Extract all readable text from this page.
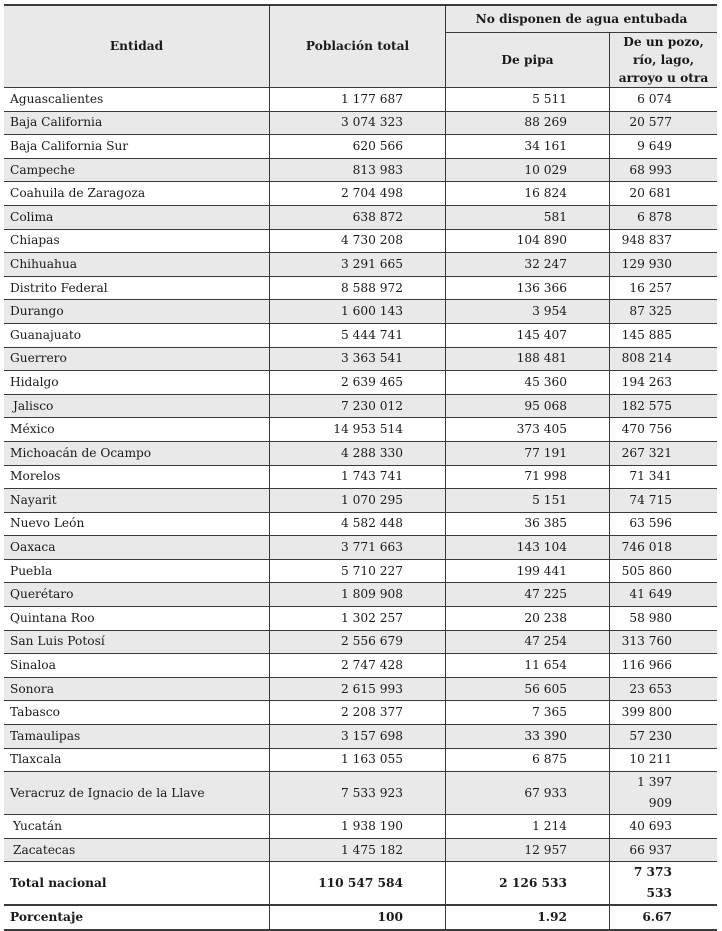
Entidad	Población total	No disponen de agua entubada	
		De pipa	De un pozo, río, lago, arroyo u otra
Aguascalientes	1 177 687	5 511	6 074
Baja California	3 074 323	88 269	20 577
Baja California Sur	620 566	34 161	9 649
Campeche	813 983	10 029	68 993
Coahuila de Zaragoza	2 704 498	16 824	20 681
Colima	638 872	581	6 878
Chiapas	4 730 208	104 890	948 837
Chihuahua	3 291 665	32 247	129 930
Distrito Federal	8 588 972	136 366	16 257
Durango	1 600 143	3 954	87 325
Guanajuato	5 444 741	145 407	145 885
Guerrero	3 363 541	188 481	808 214
Hidalgo	2 639 465	45 360	194 263
Jalisco	7 230 012	95 068	182 575
México	14 953 514	373 405	470 756
Michoacán de Ocampo	4 288 330	77 191	267 321
Morelos	1 743 741	71 998	71 341
Nayarit	1 070 295	5 151	74 715
Nuevo León	4 582 448	36 385	63 596
Oaxaca	3 771 663	143 104	746 018
Puebla	5 710 227	199 441	505 860
Querétaro	1 809 908	47 225	41 649
Quintana Roo	1 302 257	20 238	58 980
San Luis Potosí	2 556 679	47 254	313 760
Sinaloa	2 747 428	11 654	116 966
Sonora	2 615 993	56 605	23 653
Tabasco	2 208 377	7 365	399 800
Tamaulipas	3 157 698	33 390	57 230
Tlaxcala	1 163 055	6 875	10 211
Veracruz de Ignacio de la Llave	7 533 923	67 933	1 397 909
Yucatán	1 938 190	1 214	40 693
Zacatecas	1 475 182	12 957	66 937
Total nacional	110 547 584	2 126 533	7 373 533
Porcentaje	100	1.92	6.67
